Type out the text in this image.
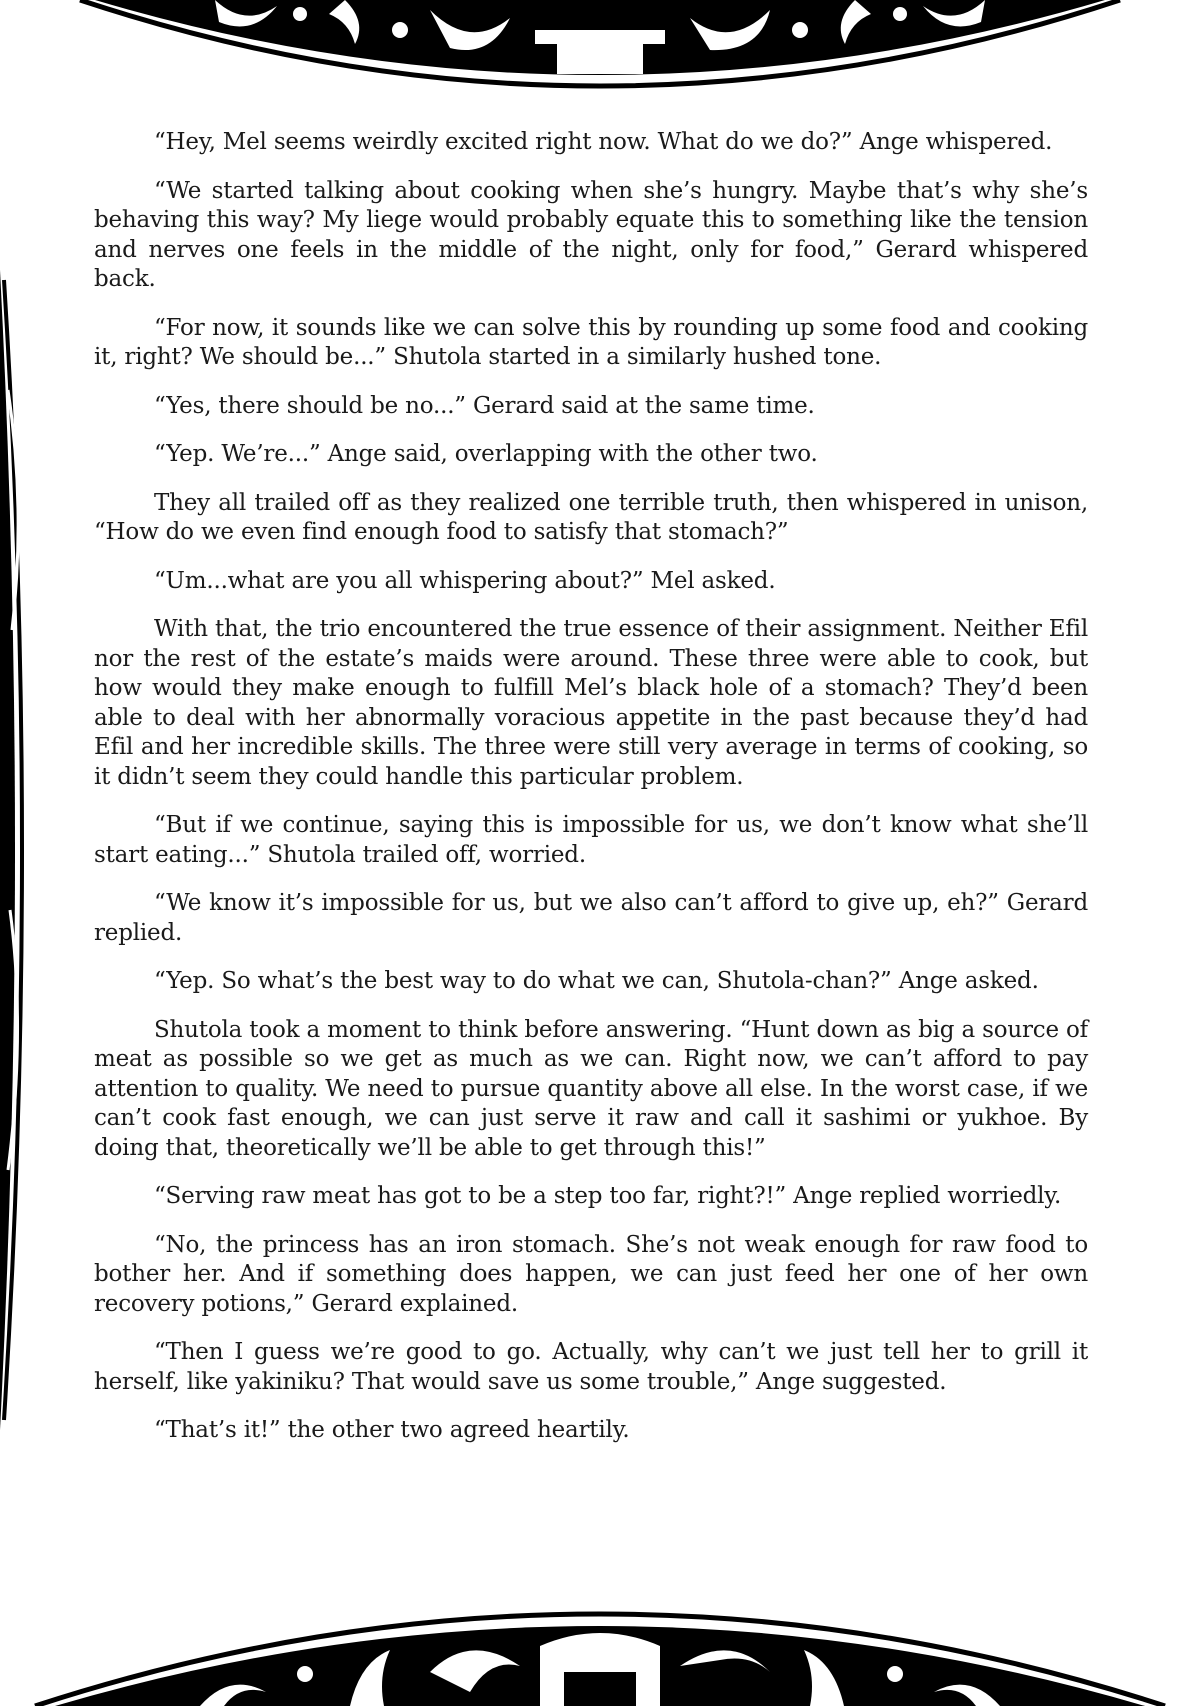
“Hey, Mel seems weirdly excited right now. What do we do?” Ange whispered.

“We started talking about cooking when she’s hungry. Maybe that’s why she’s behaving this way? My liege would probably equate this to something like the tension and nerves one feels in the middle of the night, only for food,” Gerard whispered back.

“For now, it sounds like we can solve this by rounding up some food and cooking it, right? We should be...” Shutola started in a similarly hushed tone.

“Yes, there should be no...” Gerard said at the same time.

“Yep. We’re...” Ange said, overlapping with the other two.

They all trailed off as they realized one terrible truth, then whispered in unison, “How do we even find enough food to satisfy that stomach?”

“Um...what are you all whispering about?” Mel asked.

With that, the trio encountered the true essence of their assignment. Neither Efil nor the rest of the estate’s maids were around. These three were able to cook, but how would they make enough to fulfill Mel’s black hole of a stomach? They’d been able to deal with her abnormally voracious appetite in the past because they’d had Efil and her incredible skills. The three were still very average in terms of cooking, so it didn’t seem they could handle this particular problem.

“But if we continue, saying this is impossible for us, we don’t know what she’ll start eating...” Shutola trailed off, worried.

“We know it’s impossible for us, but we also can’t afford to give up, eh?” Gerard replied.

“Yep. So what’s the best way to do what we can, Shutola-chan?” Ange asked.

Shutola took a moment to think before answering. “Hunt down as big a source of meat as possible so we get as much as we can. Right now, we can’t afford to pay attention to quality. We need to pursue quantity above all else. In the worst case, if we can’t cook fast enough, we can just serve it raw and call it sashimi or yukhoe. By doing that, theoretically we’ll be able to get through this!”

“Serving raw meat has got to be a step too far, right?!” Ange replied worriedly.

“No, the princess has an iron stomach. She’s not weak enough for raw food to bother her. And if something does happen, we can just feed her one of her own recovery potions,” Gerard explained.

“Then I guess we’re good to go. Actually, why can’t we just tell her to grill it herself, like yakiniku? That would save us some trouble,” Ange suggested.

“That’s it!” the other two agreed heartily.
